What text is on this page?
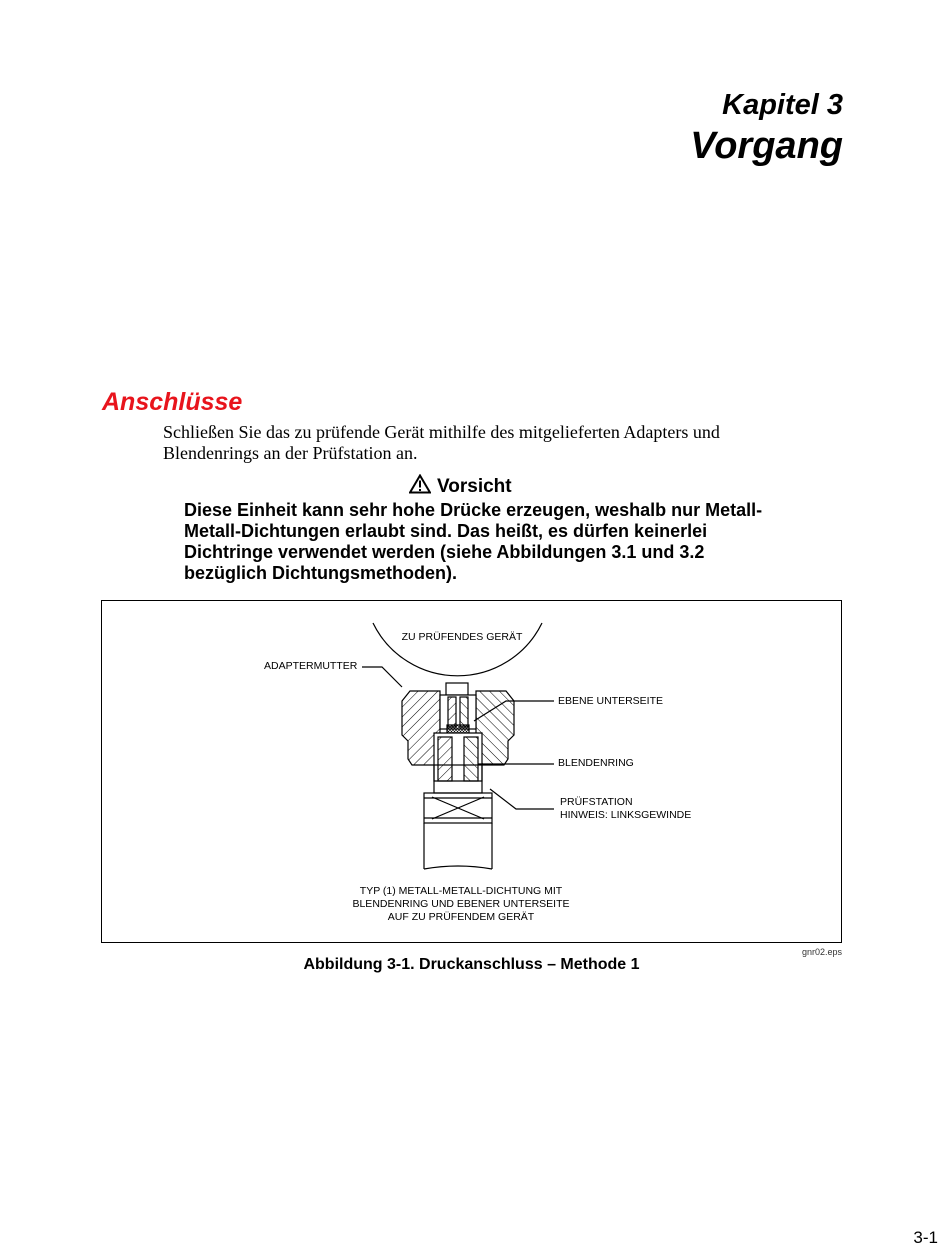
Kapitel 3
Vorgang
Anschlüsse
Schließen Sie das zu prüfende Gerät mithilfe des mitgelieferten Adapters und Blendenrings an der Prüfstation an.
Vorsicht
Diese Einheit kann sehr hohe Drücke erzeugen, weshalb nur Metall-Metall-Dichtungen erlaubt sind. Das heißt, es dürfen keinerlei Dichtringe verwendet werden (siehe Abbildungen 3.1 und 3.2 bezüglich Dichtungsmethoden).
ZU PRÜFENDES GERÄT
ADAPTERMUTTER
EBENE UNTERSEITE
BLENDENRING
PRÜFSTATION
HINWEIS: LINKSGEWINDE
TYP (1) METALL-METALL-DICHTUNG MIT
BLENDENRING UND EBENER UNTERSEITE
AUF ZU PRÜFENDEM GERÄT
gnr02.eps
Abbildung 3-1. Druckanschluss – Methode 1
3-1
